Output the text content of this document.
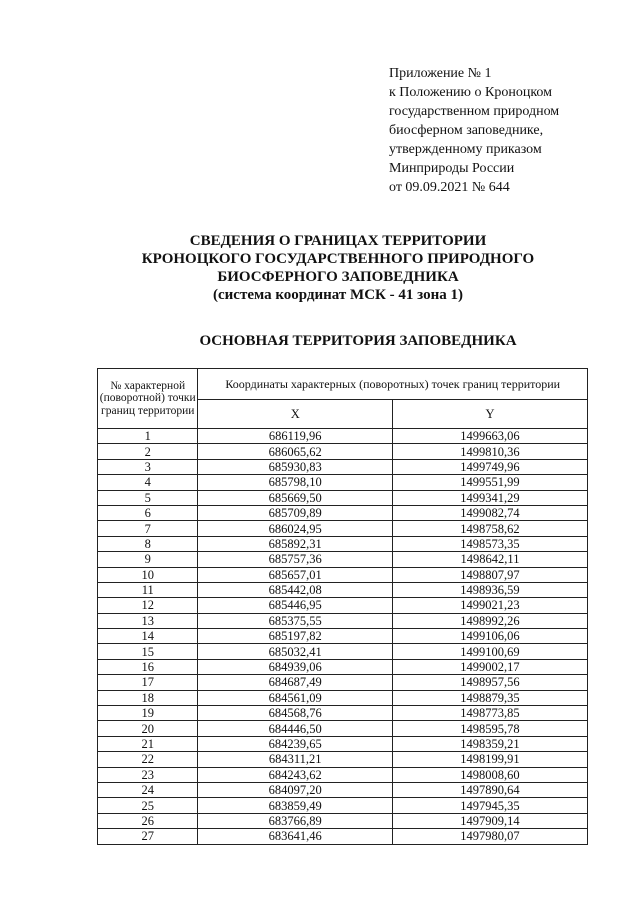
Приложение № 1
к Положению о Кроноцком
государственном природном
биосферном заповеднике,
утвержденному приказом
Минприроды России
от 09.09.2021 № 644
СВЕДЕНИЯ О ГРАНИЦАХ ТЕРРИТОРИИ
КРОНОЦКОГО ГОСУДАРСТВЕННОГО ПРИРОДНОГО
БИОСФЕРНОГО ЗАПОВЕДНИКА
(система координат МСК - 41 зона 1)
ОСНОВНАЯ ТЕРРИТОРИЯ ЗАПОВЕДНИКА
№ характерной (поворотной) точки границ территории	Координаты характерных (поворотных) точек границ территории	
	X	Y
1	686119,96	1499663,06
2	686065,62	1499810,36
3	685930,83	1499749,96
4	685798,10	1499551,99
5	685669,50	1499341,29
6	685709,89	1499082,74
7	686024,95	1498758,62
8	685892,31	1498573,35
9	685757,36	1498642,11
10	685657,01	1498807,97
11	685442,08	1498936,59
12	685446,95	1499021,23
13	685375,55	1498992,26
14	685197,82	1499106,06
15	685032,41	1499100,69
16	684939,06	1499002,17
17	684687,49	1498957,56
18	684561,09	1498879,35
19	684568,76	1498773,85
20	684446,50	1498595,78
21	684239,65	1498359,21
22	684311,21	1498199,91
23	684243,62	1498008,60
24	684097,20	1497890,64
25	683859,49	1497945,35
26	683766,89	1497909,14
27	683641,46	1497980,07
